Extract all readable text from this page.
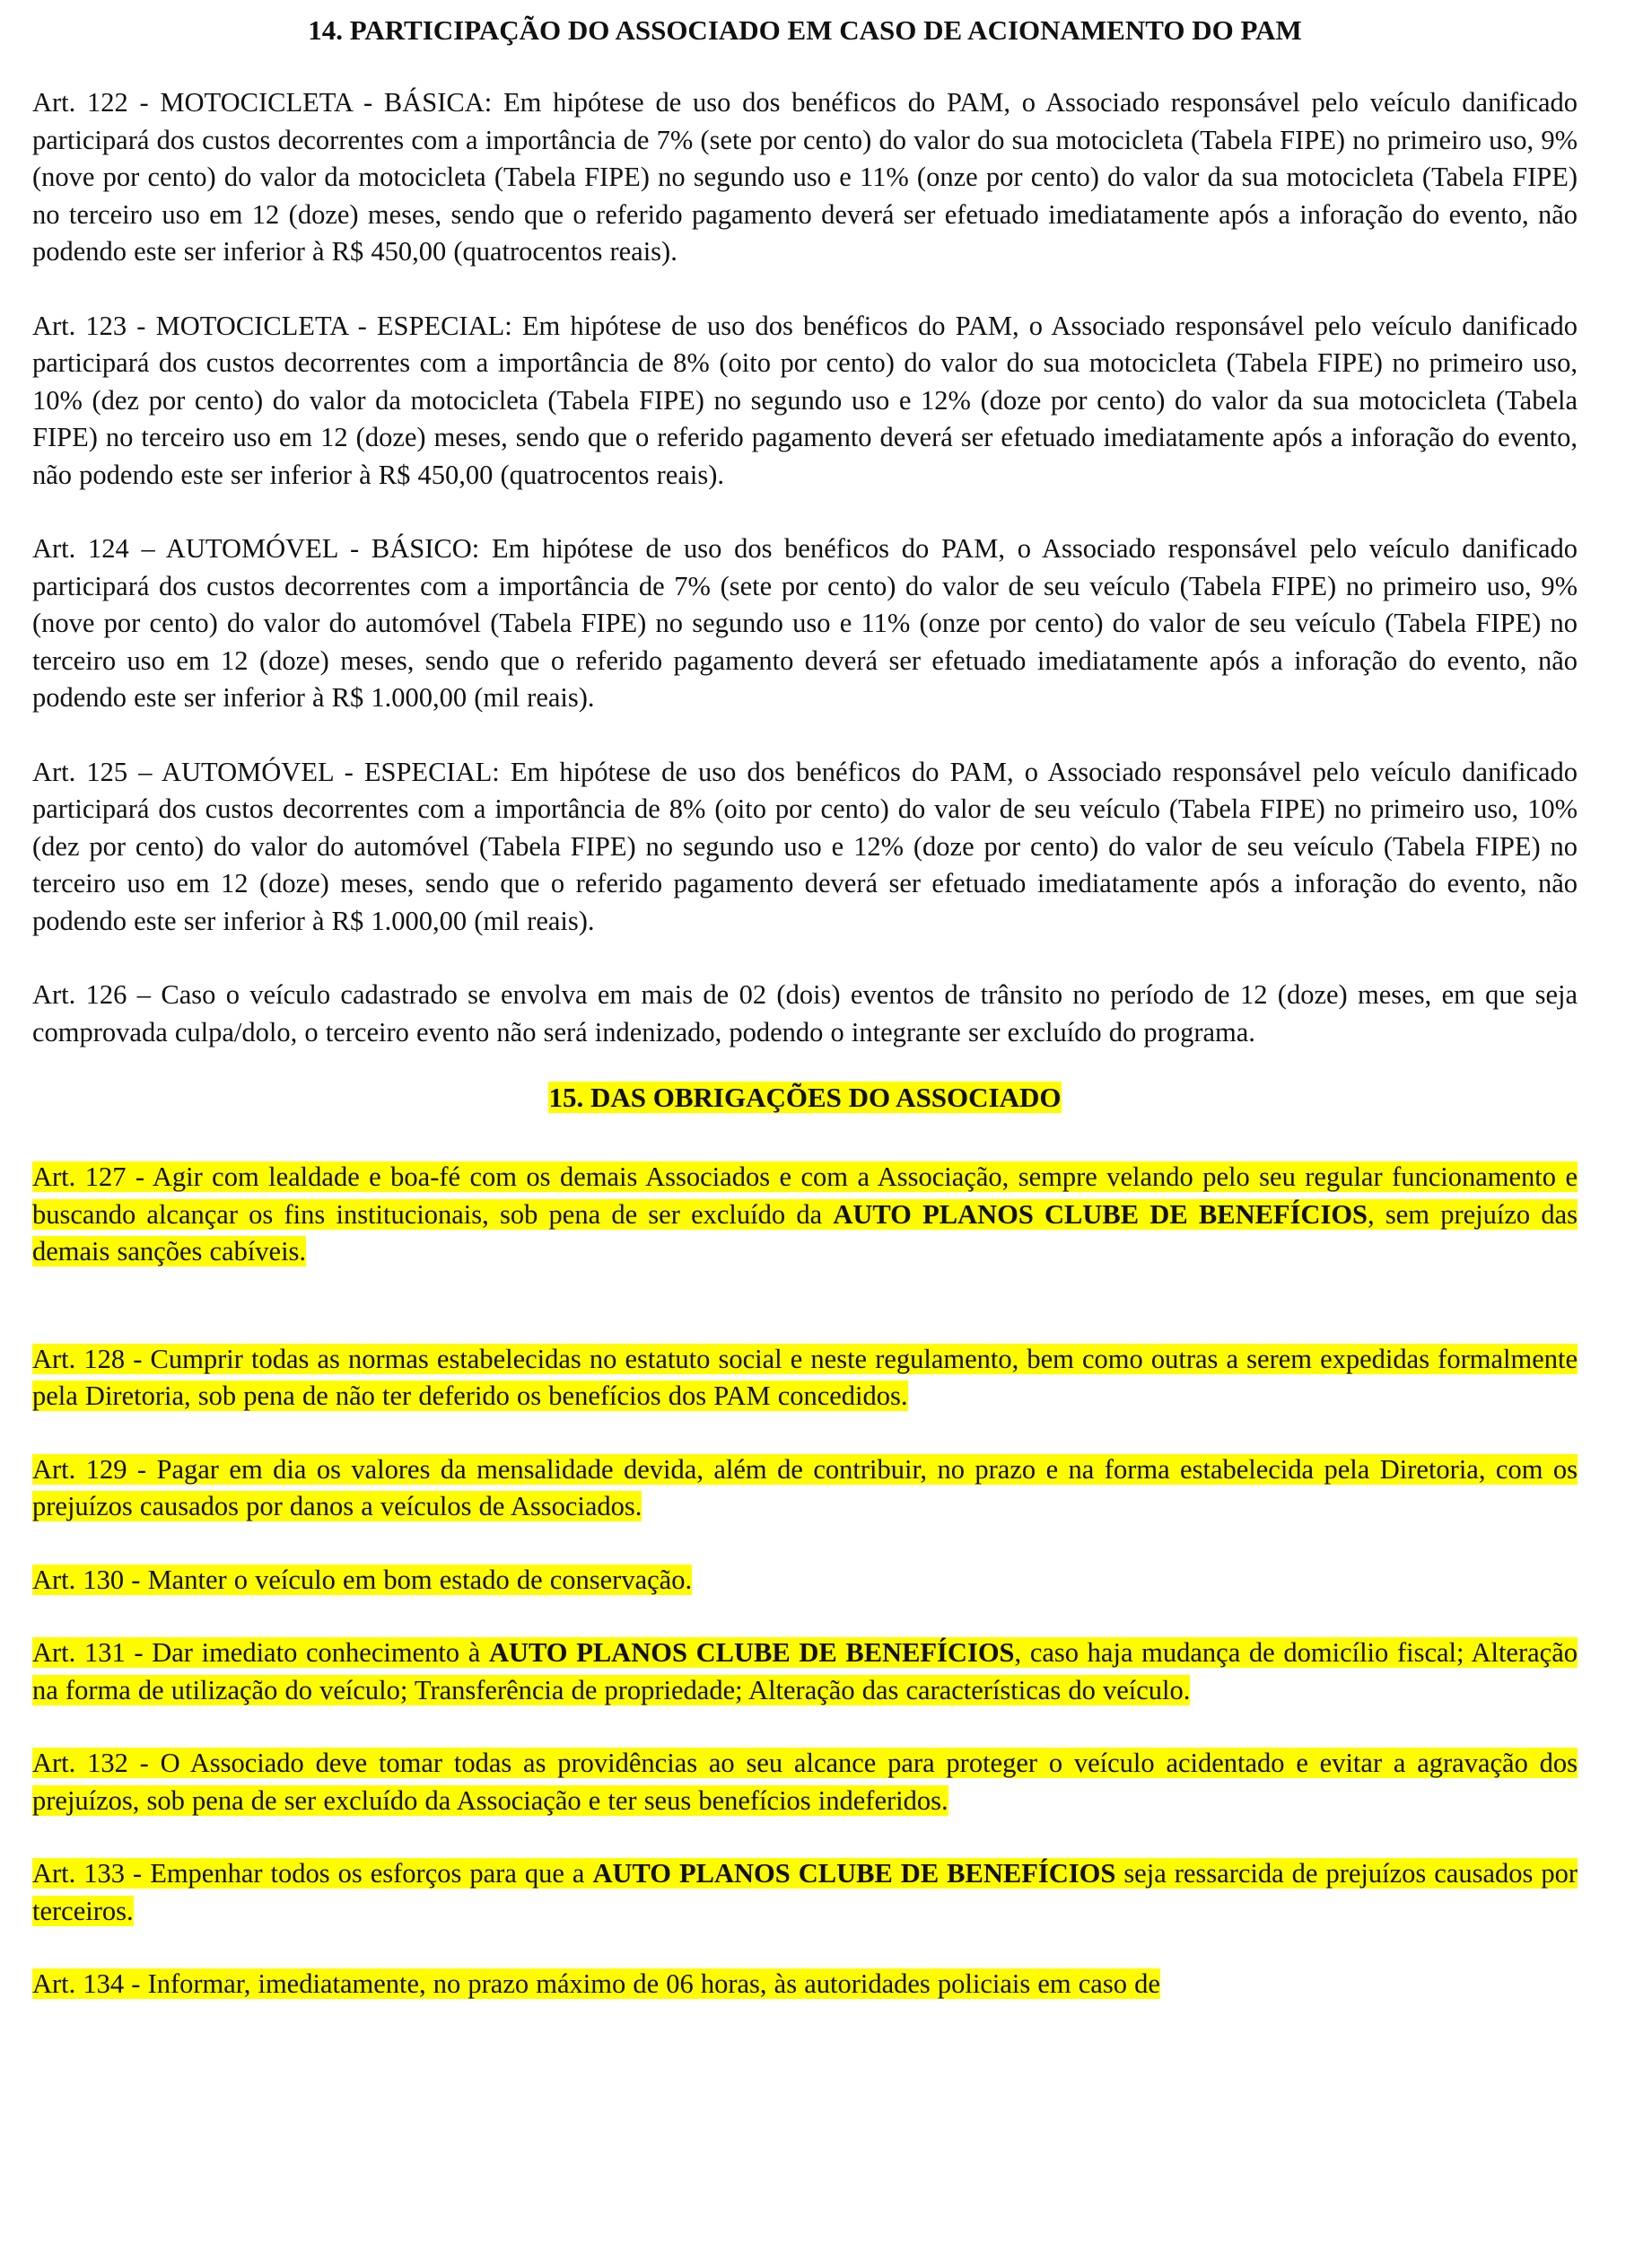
14. PARTICIPAÇÃO DO ASSOCIADO EM CASO DE ACIONAMENTO DO PAM

Art. 122 - MOTOCICLETA - BÁSICA: Em hipótese de uso dos benéficos do PAM, o Associado responsável pelo veículo danificado participará dos custos decorrentes com a importância de 7% (sete por cento) do valor do sua motocicleta (Tabela FIPE) no primeiro uso, 9% (nove por cento) do valor da motocicleta (Tabela FIPE) no segundo uso e 11% (onze por cento) do valor da sua motocicleta (Tabela FIPE) no terceiro uso em 12 (doze) meses, sendo que o referido pagamento deverá ser efetuado imediatamente após a inforação do evento, não podendo este ser inferior à R$ 450,00 (quatrocentos reais).

Art. 123 - MOTOCICLETA - ESPECIAL: Em hipótese de uso dos benéficos do PAM, o Associado responsável pelo veículo danificado participará dos custos decorrentes com a importância de 8% (oito por cento) do valor do sua motocicleta (Tabela FIPE) no primeiro uso, 10% (dez por cento) do valor da motocicleta (Tabela FIPE) no segundo uso e 12% (doze por cento) do valor da sua motocicleta (Tabela FIPE) no terceiro uso em 12 (doze) meses, sendo que o referido pagamento deverá ser efetuado imediatamente após a inforação do evento, não podendo este ser inferior à R$ 450,00 (quatrocentos reais).

Art. 124 – AUTOMÓVEL - BÁSICO: Em hipótese de uso dos benéficos do PAM, o Associado responsável pelo veículo danificado participará dos custos decorrentes com a importância de 7% (sete por cento) do valor de seu veículo (Tabela FIPE) no primeiro uso, 9% (nove por cento) do valor do automóvel (Tabela FIPE) no segundo uso e 11% (onze por cento) do valor de seu veículo (Tabela FIPE) no terceiro uso em 12 (doze) meses, sendo que o referido pagamento deverá ser efetuado imediatamente após a inforação do evento, não podendo este ser inferior à R$ 1.000,00 (mil reais).

Art. 125 – AUTOMÓVEL - ESPECIAL: Em hipótese de uso dos benéficos do PAM, o Associado responsável pelo veículo danificado participará dos custos decorrentes com a importância de 8% (oito por cento) do valor de seu veículo (Tabela FIPE) no primeiro uso, 10% (dez por cento) do valor do automóvel (Tabela FIPE) no segundo uso e 12% (doze por cento) do valor de seu veículo (Tabela FIPE) no terceiro uso em 12 (doze) meses, sendo que o referido pagamento deverá ser efetuado imediatamente após a inforação do evento, não podendo este ser inferior à R$ 1.000,00 (mil reais).

Art. 126 – Caso o veículo cadastrado se envolva em mais de 02 (dois) eventos de trânsito no período de 12 (doze) meses, em que seja comprovada culpa/dolo, o terceiro evento não será indenizado, podendo o integrante ser excluído do programa.

15. DAS OBRIGAÇÕES DO ASSOCIADO

Art. 127 - Agir com lealdade e boa-fé com os demais Associados e com a Associação, sempre velando pelo seu regular funcionamento e buscando alcançar os fins institucionais, sob pena de ser excluído da AUTO PLANOS CLUBE DE BENEFÍCIOS, sem prejuízo das demais sanções cabíveis.

Art. 128 - Cumprir todas as normas estabelecidas no estatuto social e neste regulamento, bem como outras a serem expedidas formalmente pela Diretoria, sob pena de não ter deferido os benefícios dos PAM concedidos.

Art. 129 - Pagar em dia os valores da mensalidade devida, além de contribuir, no prazo e na forma estabelecida pela Diretoria, com os prejuízos causados por danos a veículos de Associados.

Art. 130 - Manter o veículo em bom estado de conservação.

Art. 131 - Dar imediato conhecimento à AUTO PLANOS CLUBE DE BENEFÍCIOS, caso haja mudança de domicílio fiscal; Alteração na forma de utilização do veículo; Transferência de propriedade; Alteração das características do veículo.

Art. 132 - O Associado deve tomar todas as providências ao seu alcance para proteger o veículo acidentado e evitar a agravação dos prejuízos, sob pena de ser excluído da Associação e ter seus benefícios indeferidos.

Art. 133 - Empenhar todos os esforços para que a AUTO PLANOS CLUBE DE BENEFÍCIOS seja ressarcida de prejuízos causados por terceiros.

Art. 134 - Informar, imediatamente, no prazo máximo de 06 horas, às autoridades policiais em caso de
